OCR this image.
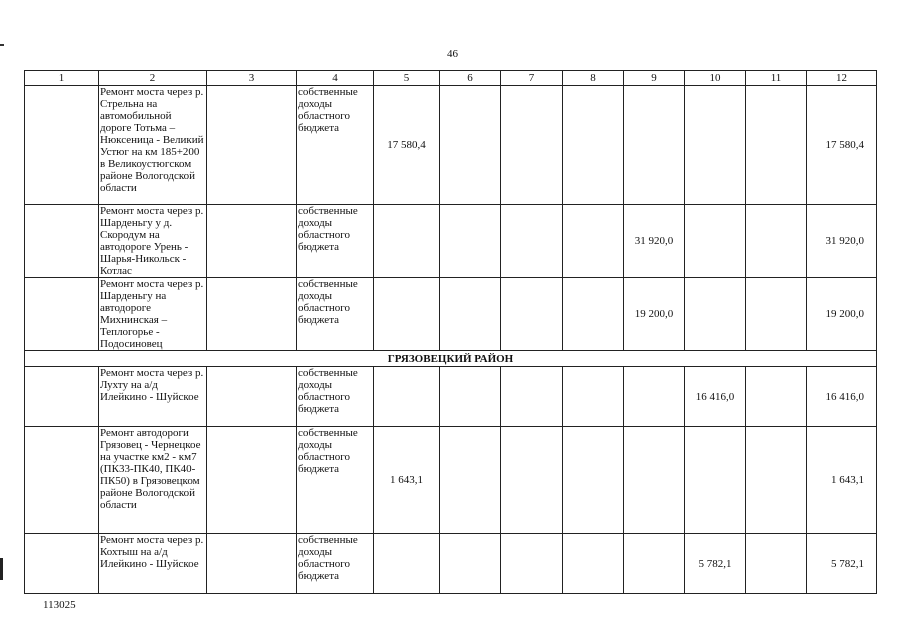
46
1	2	3	4	5	6	7	8	9	10	11	12
	Ремонт моста через р. Стрельна на автомобильной дороге Тотьма – Нюксеница - Великий Устюг на км 185+200 в Великоустюгском районе Вологодской области		собственные доходы областного бюджета	17 580,4							17 580,4
	Ремонт моста через р. Шарденьгу у д. Скородум на автодороге Урень - Шарья-Никольск - Котлас		собственные доходы областного бюджета					31 920,0			31 920,0
	Ремонт моста через р. Шарденьгу на автодороге Михнинская – Теплогорье - Подосиновец		собственные доходы областного бюджета					19 200,0			19 200,0
ГРЯЗОВЕЦКИЙ РАЙОН											
	Ремонт моста через р. Лухту на а/д Илейкино - Шуйское		собственные доходы областного бюджета						16 416,0		16 416,0
	Ремонт автодороги Грязовец - Чернецкое на участке км2 - км7 (ПК33-ПК40, ПК40-ПК50) в Грязовецком районе Вологодской области		собственные доходы областного бюджета	1 643,1							1 643,1
	Ремонт моста через р. Кохтыш на а/д Илейкино - Шуйское		собственные доходы областного бюджета						5 782,1		5 782,1
113025
